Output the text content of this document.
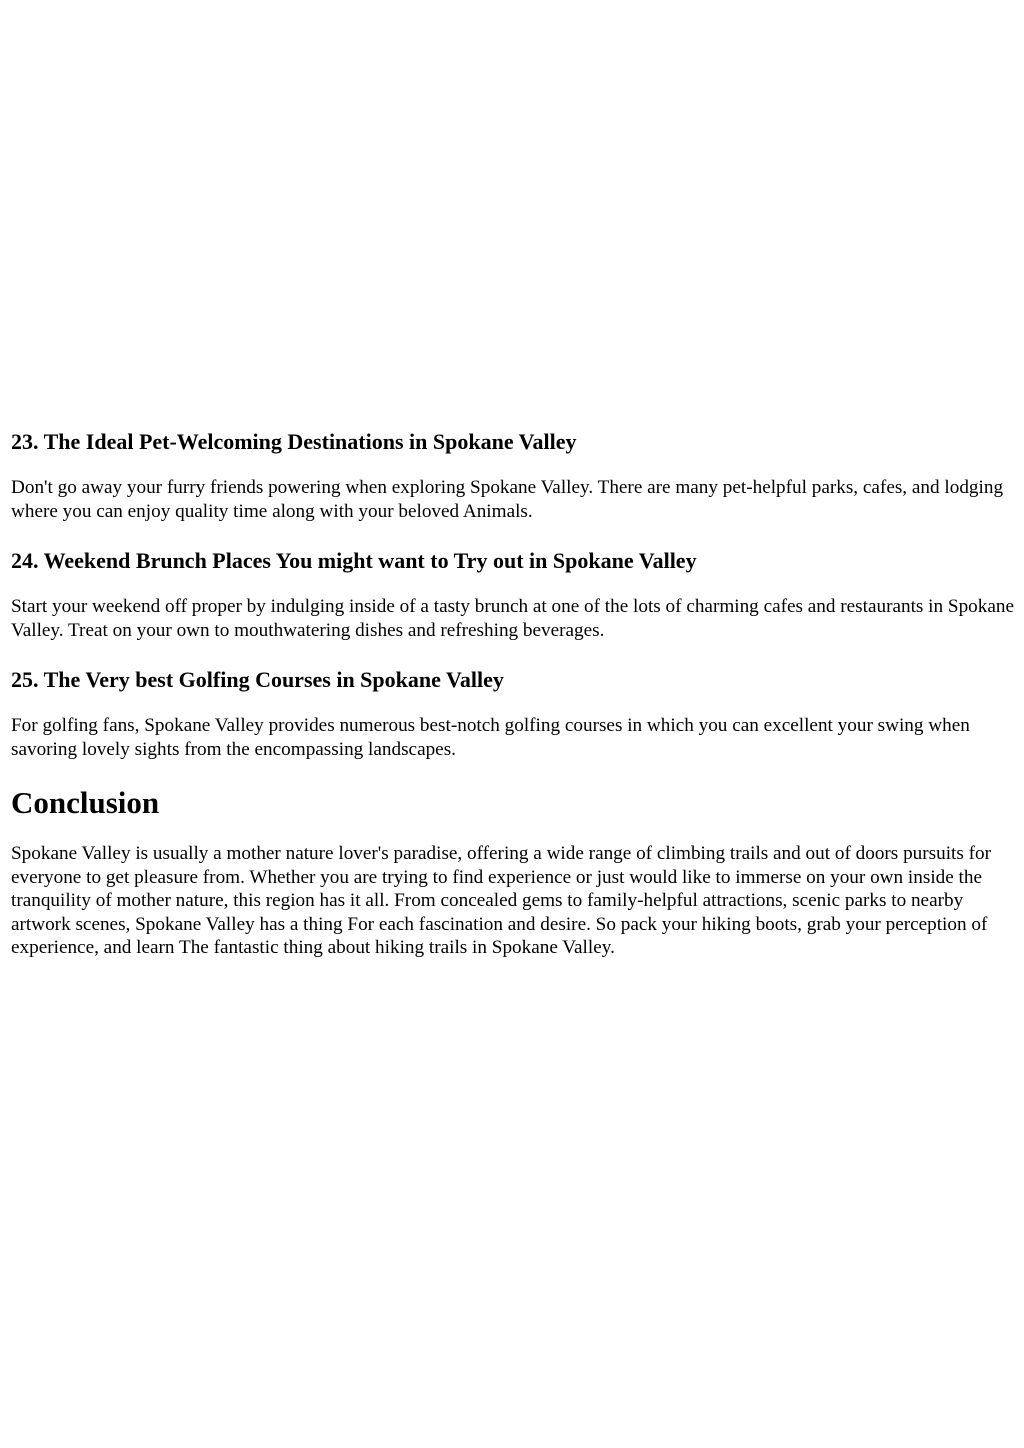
23. The Ideal Pet-Welcoming Destinations in Spokane Valley

Don't go away your furry friends powering when exploring Spokane Valley. There are many pet-helpful parks, cafes, and lodging where you can enjoy quality time along with your beloved Animals.

24. Weekend Brunch Places You might want to Try out in Spokane Valley

Start your weekend off proper by indulging inside of a tasty brunch at one of the lots of charming cafes and restaurants in Spokane Valley. Treat on your own to mouthwatering dishes and refreshing beverages.

25. The Very best Golfing Courses in Spokane Valley

For golfing fans, Spokane Valley provides numerous best-notch golfing courses in which you can excellent your swing when savoring lovely sights from the encompassing landscapes.

Conclusion

Spokane Valley is usually a mother nature lover's paradise, offering a wide range of climbing trails and out of doors pursuits for everyone to get pleasure from. Whether you are trying to find experience or just would like to immerse on your own inside the tranquility of mother nature, this region has it all. From concealed gems to family-helpful attractions, scenic parks to nearby artwork scenes, Spokane Valley has a thing For each fascination and desire. So pack your hiking boots, grab your perception of experience, and learn The fantastic thing about hiking trails in Spokane Valley.
